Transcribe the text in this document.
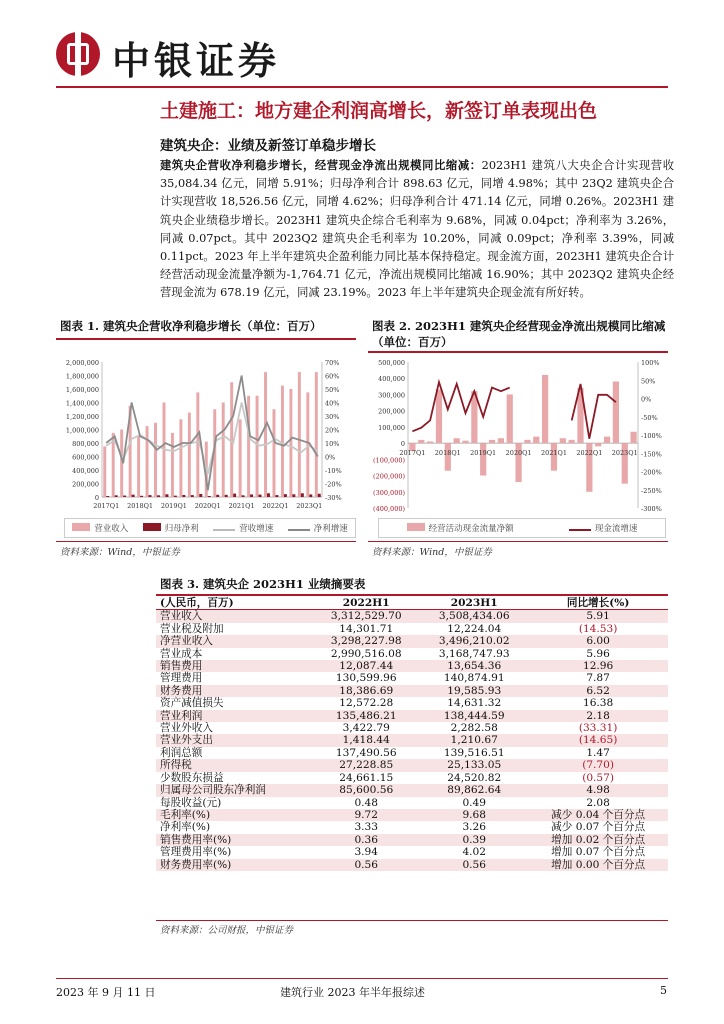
中银证券
土建施工：地方建企利润高增长，新签订单表现出色
建筑央企：业绩及新签订单稳步增长
建筑央企营收净利稳步增长，经营现金净流出规模同比缩减：2023H1 建筑八大央企合计实现营收 35,084.34 亿元，同增 5.91%；归母净利合计 898.63 亿元，同增 4.98%；其中 23Q2 建筑央企合计实现营收 18,526.56 亿元，同增 4.62%；归母净利合计 471.14 亿元，同增 0.26%。2023H1 建筑央企业绩稳步增长。2023H1 建筑央企综合毛利率为 9.68%，同减 0.04pct；净利率为 3.26%，同减 0.07pct。其中 2023Q2 建筑央企毛利率为 10.20%，同减 0.09pct；净利率 3.39%，同减 0.11pct。2023 年上半年建筑央企盈利能力同比基本保持稳定。现金流方面，2023H1 建筑央企合计经营活动现金流量净额为-1,764.71 亿元，净流出规模同比缩减 16.90%；其中 2023Q2 建筑央企经营现金流为 678.19 亿元，同减 23.19%。2023 年上半年建筑央企现金流有所好转。
图表 1. 建筑央企营收净利稳步增长（单位：百万）
2,000,000
1,800,000
1,600,000
1,400,000
1,200,000
1,000,000
800,000
600,000
400,000
200,000
0
70%
60%
50%
40%
30%
20%
10%
0%
-10%
-20%
-30%
2017Q1 2018Q1 2019Q1 2020Q1 2021Q1 2022Q1 2023Q1
营业收入	归母净利	营收增速	净利增速
资料来源：Wind，中银证券
图表 2. 2023H1 建筑央企经营现金净流出规模同比缩减
（单位：百万）
500,000
400,000
300,000
200,000
100,000
0
(100,000)
(200,000)
(300,000)
(400,000)
100%
50%
0%
-50%
-100%
-150%
-200%
-250%
-300%
2017Q1 2018Q1 2019Q1 2020Q1 2021Q1 2022Q1 2023Q1
经营活动现金流量净额	现金流增速
资料来源：Wind，中银证券
图表 3. 建筑央企 2023H1 业绩摘要表
(人民币，百万)	2022H1	2023H1	同比增长(%)
营业收入	3,312,529.70	3,508,434.06	5.91
营业税及附加	14,301.71	12,224.04	(14.53)
净营业收入	3,298,227.98	3,496,210.02	6.00
营业成本	2,990,516.08	3,168,747.93	5.96
销售费用	12,087.44	13,654.36	12.96
管理费用	130,599.96	140,874.91	7.87
财务费用	18,386.69	19,585.93	6.52
资产减值损失	12,572.28	14,631.32	16.38
营业利润	135,486.21	138,444.59	2.18
营业外收入	3,422.79	2,282.58	(33.31)
营业外支出	1,418.44	1,210.67	(14.65)
利润总额	137,490.56	139,516.51	1.47
所得税	27,228.85	25,133.05	(7.70)
少数股东损益	24,661.15	24,520.82	(0.57)
归属母公司股东净利润	85,600.56	89,862.64	4.98
每股收益(元)	0.48	0.49	2.08
毛利率(%)	9.72	9.68	减少 0.04 个百分点
净利率(%)	3.33	3.26	减少 0.07 个百分点
销售费用率(%)	0.36	0.39	增加 0.02 个百分点
管理费用率(%)	3.94	4.02	增加 0.07 个百分点
财务费用率(%)	0.56	0.56	增加 0.00 个百分点
资料来源：公司财报，中银证券
2023 年 9 月 11 日	建筑行业 2023 年半年报综述	5
